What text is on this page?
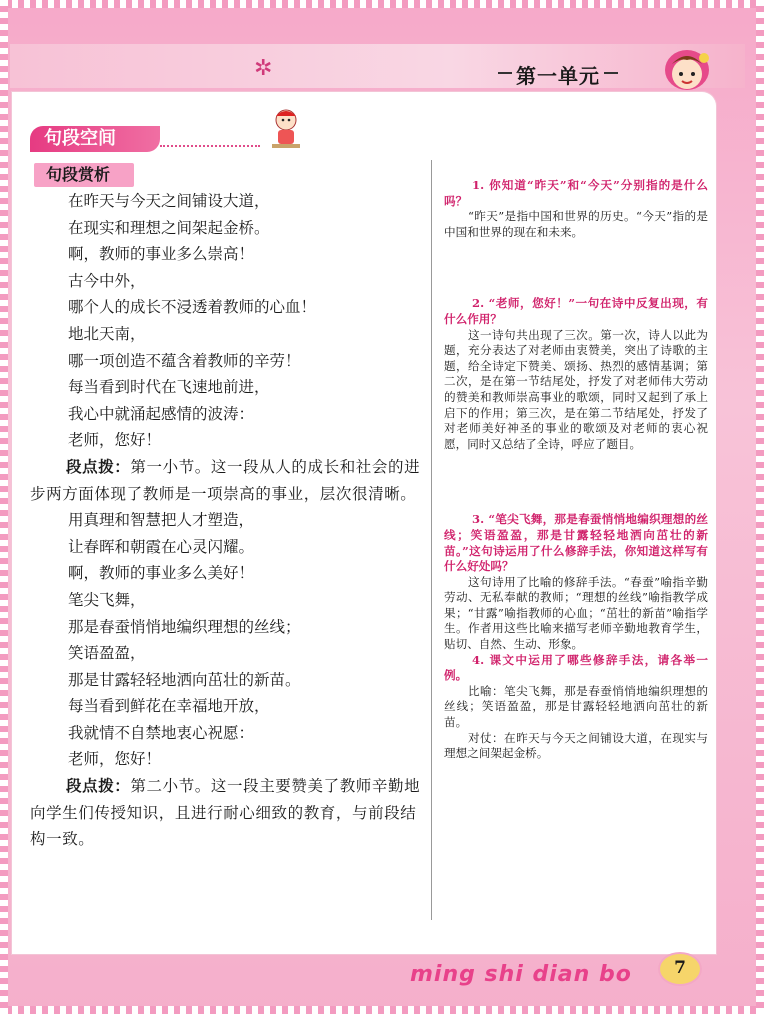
✲	第一单元
句段空间
句段赏析
在昨天与今天之间铺设大道，
在现实和理想之间架起金桥。
啊，教师的事业多么崇高！
古今中外，
哪个人的成长不浸透着教师的心血！
地北天南，
哪一项创造不蕴含着教师的辛劳！
每当看到时代在飞速地前进，
我心中就涌起感情的波涛：
老师，您好！
段点拨：第一小节。这一段从人的成长和社会的进步两方面体现了教师是一项崇高的事业，层次很清晰。
用真理和智慧把人才塑造，
让春晖和朝霞在心灵闪耀。
啊，教师的事业多么美好！
笔尖飞舞，
那是春蚕悄悄地编织理想的丝线；
笑语盈盈，
那是甘露轻轻地洒向茁壮的新苗。
每当看到鲜花在幸福地开放，
我就情不自禁地衷心祝愿：
老师，您好！
段点拨：第二小节。这一段主要赞美了教师辛勤地向学生们传授知识，且进行耐心细致的教育，与前段结构一致。
1. 你知道“昨天”和“今天”分别指的是什么吗？
“昨天”是指中国和世界的历史。“今天”指的是中国和世界的现在和未来。
2. “老师，您好！”一句在诗中反复出现，有什么作用？
这一诗句共出现了三次。第一次，诗人以此为题，充分表达了对老师由衷赞美，突出了诗歌的主题，给全诗定下赞美、颂扬、热烈的感情基调；第二次，是在第一节结尾处，抒发了对老师伟大劳动的赞美和教师崇高事业的歌颂，同时又起到了承上启下的作用；第三次，是在第二节结尾处，抒发了对老师美好神圣的事业的歌颂及对老师的衷心祝愿，同时又总结了全诗，呼应了题目。
3. “笔尖飞舞，那是春蚕悄悄地编织理想的丝线；笑语盈盈，那是甘露轻轻地洒向茁壮的新苗。”这句诗运用了什么修辞手法，你知道这样写有什么好处吗？
这句诗用了比喻的修辞手法。“春蚕”喻指辛勤劳动、无私奉献的教师；“理想的丝线”喻指教学成果；“甘露”喻指教师的心血；“茁壮的新苗”喻指学生。作者用这些比喻来描写老师辛勤地教育学生，贴切、自然、生动、形象。
4. 课文中运用了哪些修辞手法，请各举一例。
比喻：笔尖飞舞，那是春蚕悄悄地编织理想的丝线；笑语盈盈，那是甘露轻轻地洒向茁壮的新苗。
对仗：在昨天与今天之间铺设大道，在现实与理想之间架起金桥。
ming shi dian bo	7
